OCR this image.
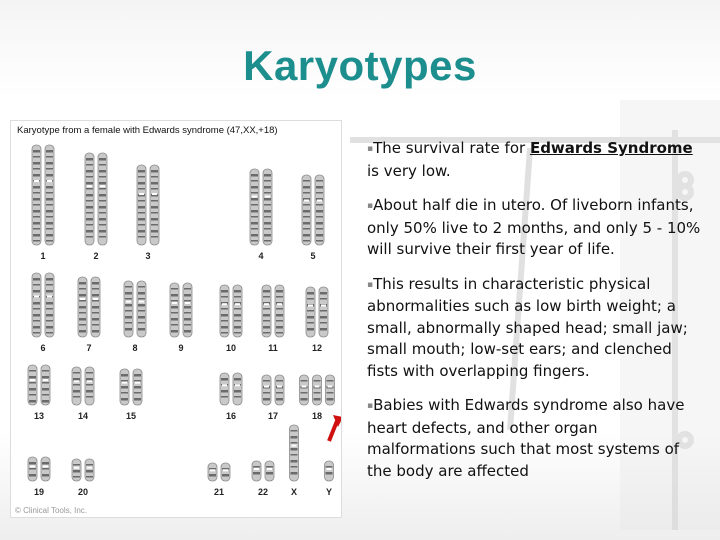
Karyotypes
Karyotype from a female with Edwards syndrome (47,XX,+18)
1	2	3	4	5
6	7	8	9	10	11	12
13	14	15	16	17	18
19	20	21	22	X	Y
© Clinical Tools, Inc.
▪The survival rate for Edwards Syndrome is very low.
▪About half die in utero. Of liveborn infants, only 50% live to 2 months, and only 5 - 10% will survive their first year of life.
▪This results in characteristic physical abnormalities such as low birth weight; a small, abnormally shaped head; small jaw; small mouth; low-set ears; and clenched fists with overlapping fingers.
▪Babies with Edwards syndrome also have heart defects, and other organ malformations such that most systems of the body are affected
